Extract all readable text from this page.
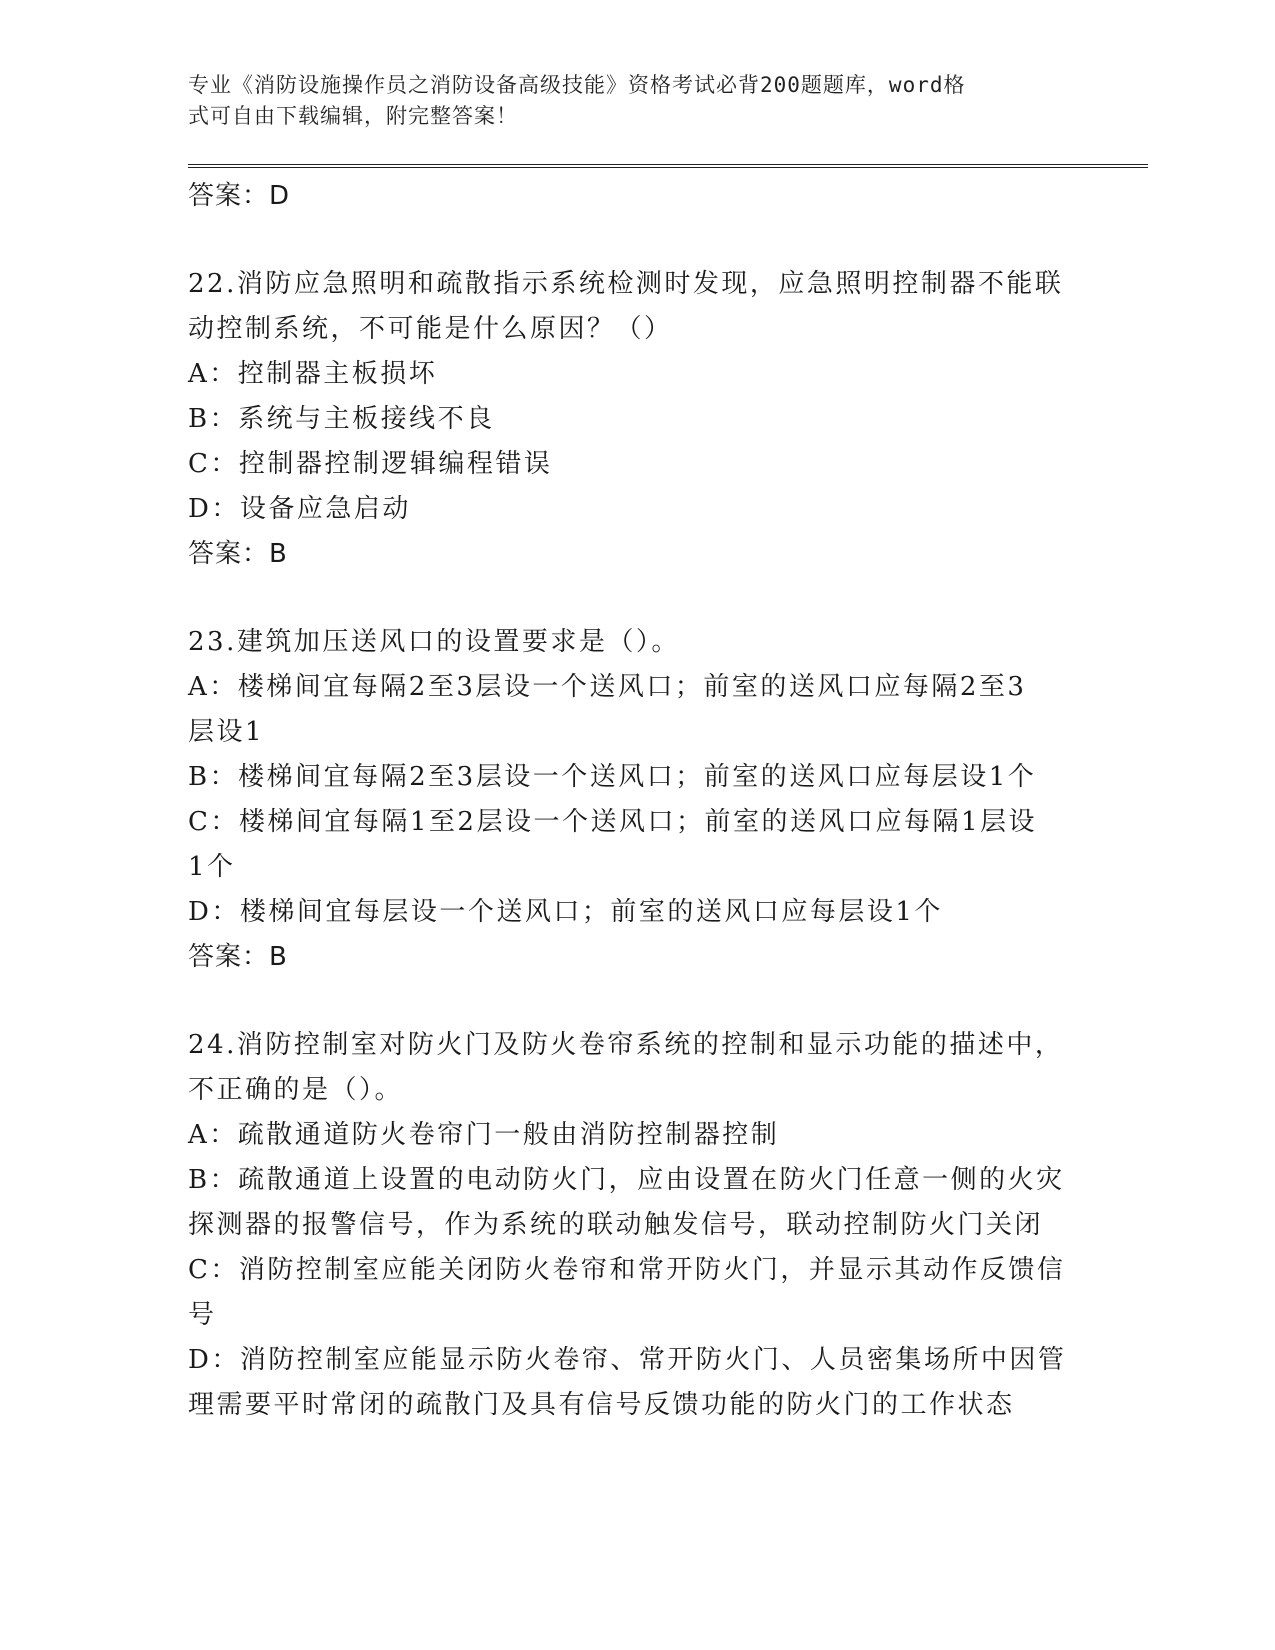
专业《消防设施操作员之消防设备高级技能》资格考试必背200题题库，word格
式可自由下载编辑，附完整答案！

答案：D

22.消防应急照明和疏散指示系统检测时发现，应急照明控制器不能联
动控制系统，不可能是什么原因？（）

A：控制器主板损坏
B：系统与主板接线不良
C：控制器控制逻辑编程错误
D：设备应急启动

答案：B

23.建筑加压送风口的设置要求是（）。

A：楼梯间宜每隔2至3层设一个送风口；前室的送风口应每隔2至3
层设1
B：楼梯间宜每隔2至3层设一个送风口；前室的送风口应每层设1个
C：楼梯间宜每隔1至2层设一个送风口；前室的送风口应每隔1层设
1个
D：楼梯间宜每层设一个送风口；前室的送风口应每层设1个

答案：B

24.消防控制室对防火门及防火卷帘系统的控制和显示功能的描述中，
不正确的是（）。

A：疏散通道防火卷帘门一般由消防控制器控制
B：疏散通道上设置的电动防火门，应由设置在防火门任意一侧的火灾
探测器的报警信号，作为系统的联动触发信号，联动控制防火门关闭
C：消防控制室应能关闭防火卷帘和常开防火门，并显示其动作反馈信
号
D：消防控制室应能显示防火卷帘、常开防火门、人员密集场所中因管
理需要平时常闭的疏散门及具有信号反馈功能的防火门的工作状态
